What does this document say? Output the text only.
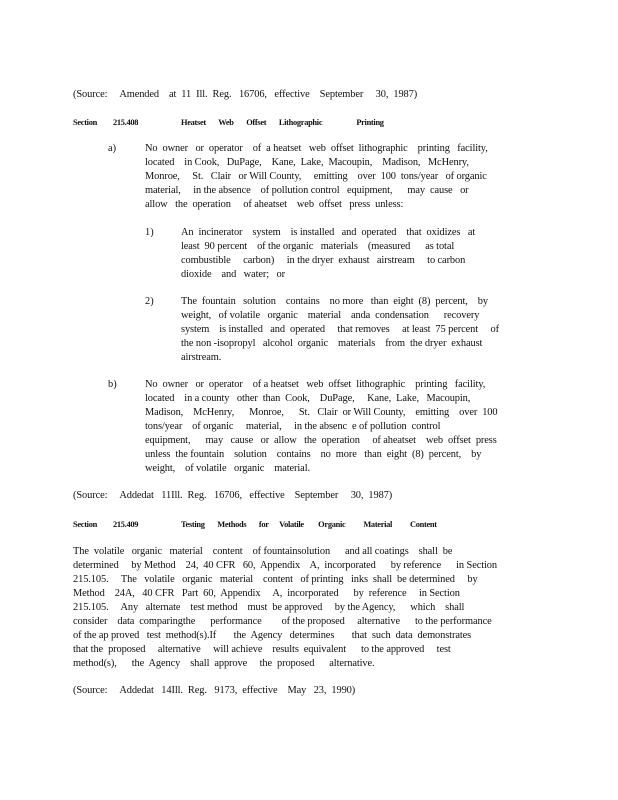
(Source:     Amended    at  11  Ill.  Reg.   16706,   effective    September     30,  1987)
Section 215.408	Heatset       Web       Offset       Lithographic                   Printing
a)	No  owner   or  operator    of  a heatset   web  offset  lithographic    printing   facility,
located    in Cook,   DuPage,    Kane,  Lake,  Macoupin,    Madison,   McHenry,
Monroe,     St.   Clair   or Will County,     emitting    over  100  tons/year   of organic
material,     in the absence    of pollution control   equipment,      may  cause   or
allow   the  operation     of aheatset    web  offset   press  unless:
1)	An  incinerator    system    is installed   and  operated    that  oxidizes   at
least  90 percent    of the organic   materials    (measured      as total
combustible     carbon)     in the dryer  exhaust   airstream     to carbon
dioxide    and   water;   or
2)	The  fountain   solution    contains    no more   than  eight  (8)  percent,    by
weight,   of volatile   organic    material    anda  condensation      recovery
system    is installed   and  operated     that removes     at least  75 percent     of
the non -isopropyl   alcohol  organic    materials    from  the dryer  exhaust
airstream.
b)	No  owner   or  operator    of a heatset   web  offset  lithographic    printing   facility,
located    in a county   other  than  Cook,    DuPage,     Kane,  Lake,   Macoupin,
Madison,    McHenry,      Monroe,      St.   Clair  or Will County,    emitting    over  100
tons/year    of organic     material,     in the absenc  e of pollution  control
equipment,      may   cause   or  allow   the  operation     of aheatset    web  offset  press
unless  the fountain    solution    contains    no  more   than  eight  (8)  percent,    by
weight,    of volatile   organic    material.
(Source:     Addedat   11Ill.  Reg.   16706,   effective    September     30,  1987)
Section 215.409	Testing       Methods       for      Volatile        Organic          Material          Content
The  volatile   organic   material    content    of fountainsolution      and all coatings    shall  be
determined     by Method    24,  40 CFR   60,  Appendix    A,  incorporated      by reference      in Section
215.105.     The   volatile   organic   material    content   of printing   inks  shall  be determined     by
Method    24A,   40 CFR   Part  60,  Appendix     A,  incorporated      by  reference     in Section
215.105.     Any   alternate    test method    must  be approved     by the Agency,      which    shall
consider    data  comparingthe      performance        of the proposed     alternative      to the performance
of the ap proved   test  method(s).If       the  Agency   determines       that  such  data  demonstrates
that the  proposed     alternative     will achieve    results  equivalent      to the approved     test
method(s),      the  Agency    shall  approve     the  proposed      alternative.
(Source:     Addedat   14Ill.  Reg.   9173,  effective    May   23,  1990)
